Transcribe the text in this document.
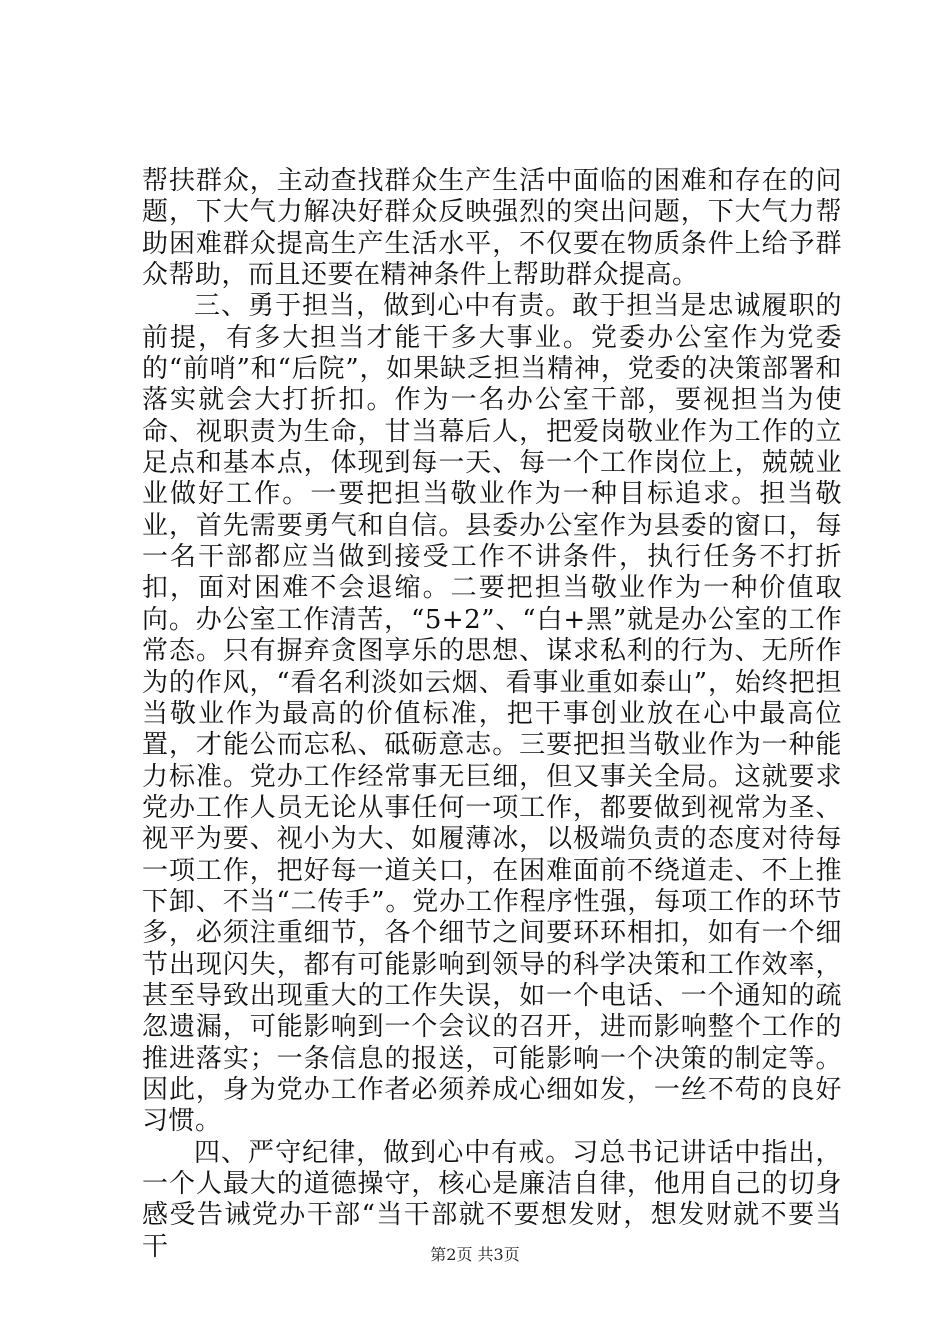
帮扶群众，主动查找群众生产生活中面临的困难和存在的问题，下大气力解决好群众反映强烈的突出问题，下大气力帮助困难群众提高生产生活水平，不仅要在物质条件上给予群众帮助，而且还要在精神条件上帮助群众提高。

三、勇于担当，做到心中有责。敢于担当是忠诚履职的前提，有多大担当才能干多大事业。党委办公室作为党委的“前哨”和“后院”，如果缺乏担当精神，党委的决策部署和落实就会大打折扣。作为一名办公室干部，要视担当为使命、视职责为生命，甘当幕后人，把爱岗敬业作为工作的立足点和基本点，体现到每一天、每一个工作岗位上，兢兢业业做好工作。一要把担当敬业作为一种目标追求。担当敬业，首先需要勇气和自信。县委办公室作为县委的窗口，每一名干部都应当做到接受工作不讲条件，执行任务不打折扣，面对困难不会退缩。二要把担当敬业作为一种价值取向。办公室工作清苦，“5+2”、“白+黑”就是办公室的工作常态。只有摒弃贪图享乐的思想、谋求私利的行为、无所作为的作风，“看名利淡如云烟、看事业重如泰山”，始终把担当敬业作为最高的价值标准，把干事创业放在心中最高位置，才能公而忘私、砥砺意志。三要把担当敬业作为一种能力标准。党办工作经常事无巨细，但又事关全局。这就要求党办工作人员无论从事任何一项工作，都要做到视常为圣、视平为要、视小为大、如履薄冰，以极端负责的态度对待每一项工作，把好每一道关口，在困难面前不绕道走、不上推下卸、不当“二传手”。党办工作程序性强，每项工作的环节多，必须注重细节，各个细节之间要环环相扣，如有一个细节出现闪失，都有可能影响到领导的科学决策和工作效率，甚至导致出现重大的工作失误，如一个电话、一个通知的疏忽遗漏，可能影响到一个会议的召开，进而影响整个工作的推进落实；一条信息的报送，可能影响一个决策的制定等。因此，身为党办工作者必须养成心细如发，一丝不苟的良好习惯。

四、严守纪律，做到心中有戒。习总书记讲话中指出，一个人最大的道德操守，核心是廉洁自律，他用自己的切身感受告诫党办干部“当干部就不要想发财，想发财就不要当干	第2页 共3页
